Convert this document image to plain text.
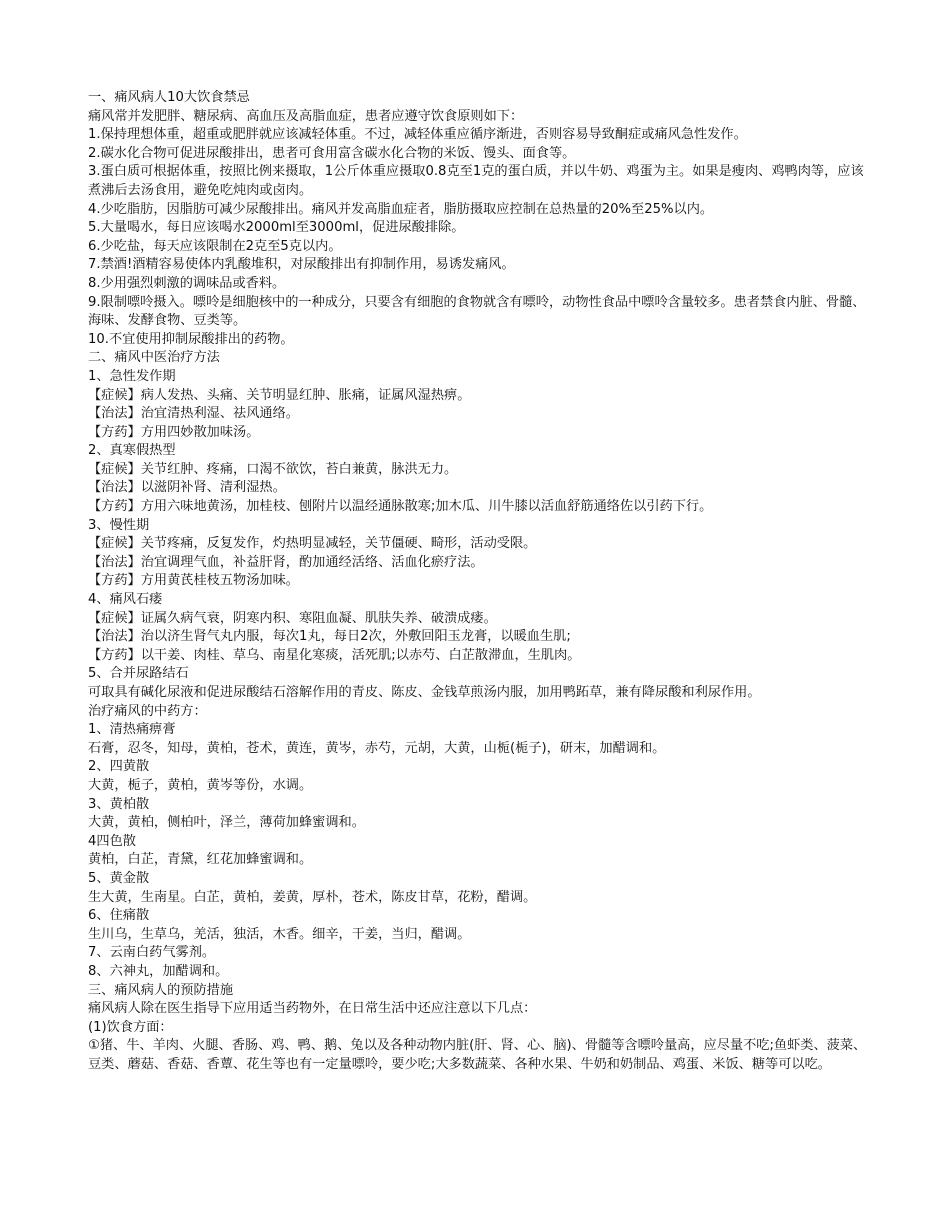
一、痛风病人10大饮食禁忌

痛风常并发肥胖、糖尿病、高血压及高脂血症，患者应遵守饮食原则如下：

1.保持理想体重，超重或肥胖就应该减轻体重。不过，减轻体重应循序渐进，否则容易导致酮症或痛风急性发作。

2.碳水化合物可促进尿酸排出，患者可食用富含碳水化合物的米饭、馒头、面食等。

3.蛋白质可根据体重，按照比例来摄取，1公斤体重应摄取0.8克至1克的蛋白质，并以牛奶、鸡蛋为主。如果是瘦肉、鸡鸭肉等，应该煮沸后去汤食用，避免吃炖肉或卤肉。

4.少吃脂肪，因脂肪可减少尿酸排出。痛风并发高脂血症者，脂肪摄取应控制在总热量的20%至25%以内。

5.大量喝水，每日应该喝水2000ml至3000ml，促进尿酸排除。

6.少吃盐，每天应该限制在2克至5克以内。

7.禁酒!酒精容易使体内乳酸堆积，对尿酸排出有抑制作用，易诱发痛风。

8.少用强烈刺激的调味品或香料。

9.限制嘌呤摄入。嘌呤是细胞核中的一种成分，只要含有细胞的食物就含有嘌呤，动物性食品中嘌呤含量较多。患者禁食内脏、骨髓、海味、发酵食物、豆类等。

10.不宜使用抑制尿酸排出的药物。

二、痛风中医治疗方法

1、急性发作期

【症候】病人发热、头痛、关节明显红肿、胀痛，证属风湿热痹。

【治法】治宜清热利湿、祛风通络。

【方药】方用四妙散加味汤。

2、真寒假热型

【症候】关节红肿、疼痛，口渴不欲饮，苔白兼黄，脉洪无力。

【治法】以滋阴补肾、清利湿热。

【方药】方用六味地黄汤，加桂枝、刨附片以温经通脉散寒;加木瓜、川牛膝以活血舒筋通络佐以引药下行。

3、慢性期

【症候】关节疼痛，反复发作，灼热明显减轻，关节僵硬、畸形，活动受限。

【治法】治宜调理气血，补益肝肾，酌加通经活络、活血化瘀疗法。

【方药】方用黄芪桂枝五物汤加味。

4、痛风石瘘

【症候】证属久病气衰，阴寒内积、寒阻血凝、肌肤失养、破溃成瘘。

【治法】治以济生肾气丸内服，每次1丸，每日2次，外敷回阳玉龙膏，以暖血生肌;

【方药】以干姜、肉桂、草乌、南星化寒痰，活死肌;以赤芍、白芷散滞血，生肌肉。

5、合并尿路结石

可取具有碱化尿液和促进尿酸结石溶解作用的青皮、陈皮、金钱草煎汤内服，加用鸭跖草，兼有降尿酸和利尿作用。

治疗痛风的中药方：

1、清热痛痹膏

石膏，忍冬，知母，黄柏，苍术，黄连，黄岑，赤芍，元胡，大黄，山栀(栀子)，研末，加醋调和。

2、四黄散

大黄，栀子，黄柏，黄岑等份，水调。

3、黄柏散

大黄，黄柏，侧柏叶，泽兰，薄荷加蜂蜜调和。

4四色散

黄柏，白芷，青黛，红花加蜂蜜调和。

5、黄金散

生大黄，生南星。白芷，黄柏，姜黄，厚朴，苍术，陈皮甘草，花粉，醋调。

6、住痛散

生川乌，生草乌，羌活，独活，木香。细辛，干姜，当归，醋调。

7、云南白药气雾剂。

8、六神丸，加醋调和。

三、痛风病人的预防措施

痛风病人除在医生指导下应用适当药物外，在日常生活中还应注意以下几点：

(1)饮食方面：

①猪、牛、羊肉、火腿、香肠、鸡、鸭、鹅、兔以及各种动物内脏(肝、肾、心、脑)、骨髓等含嘌呤量高，应尽量不吃;鱼虾类、菠菜、豆类、蘑菇、香菇、香蕈、花生等也有一定量嘌呤，要少吃;大多数蔬菜、各种水果、牛奶和奶制品、鸡蛋、米饭、糖等可以吃。
